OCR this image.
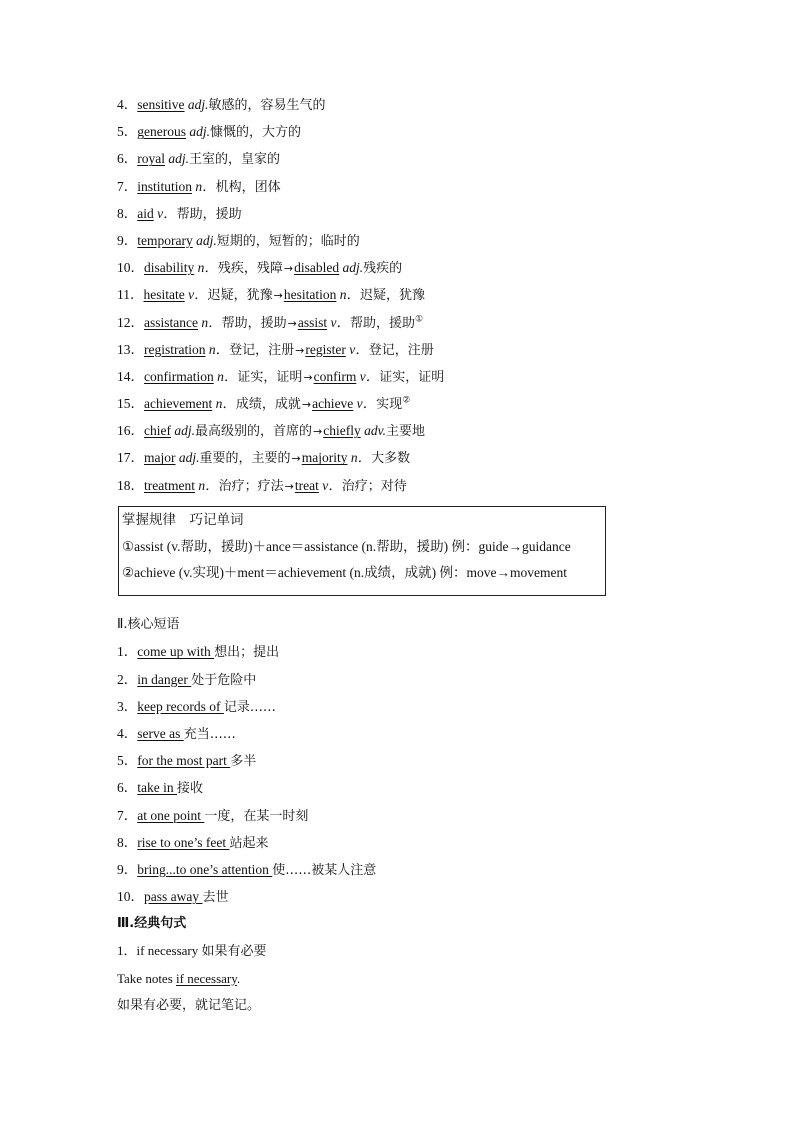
4．sensitive adj.敏感的，容易生气的
5．generous adj.慷慨的，大方的
6．royal adj.王室的，皇家的
7．institution n．机构，团体
8．aid v．帮助，援助
9．temporary adj.短期的，短暂的；临时的
10．disability n．残疾，残障→disabled adj.残疾的
11．hesitate v．迟疑，犹豫→hesitation n．迟疑，犹豫
12．assistance n．帮助，援助→assist v．帮助，援助①
13．registration n．登记，注册→register v．登记，注册
14．confirmation n．证实，证明→confirm v．证实，证明
15．achievement n．成绩，成就→achieve v．实现②
16．chief adj.最高级别的，首席的→chiefly adv.主要地
17．major adj.重要的，主要的→majority n．大多数
18．treatment n．治疗；疗法→treat v．治疗；对待
掌握规律　巧记单词
①assist (v.帮助，援助)＋ance＝assistance (n.帮助，援助) 例：guide→guidance
②achieve (v.实现)＋ment＝achievement (n.成绩，成就) 例：move→movement
Ⅱ.核心短语
1．come up with 想出；提出
2．in danger 处于危险中
3．keep records of 记录……
4．serve as 充当……
5．for the most part 多半
6．take in 接收
7．at one point 一度，在某一时刻
8．rise to one’s feet 站起来
9．bring...to one’s attention 使……被某人注意
10．pass away 去世
Ⅲ.经典句式
1．if necessary 如果有必要
Take notes if necessary.
如果有必要，就记笔记。
